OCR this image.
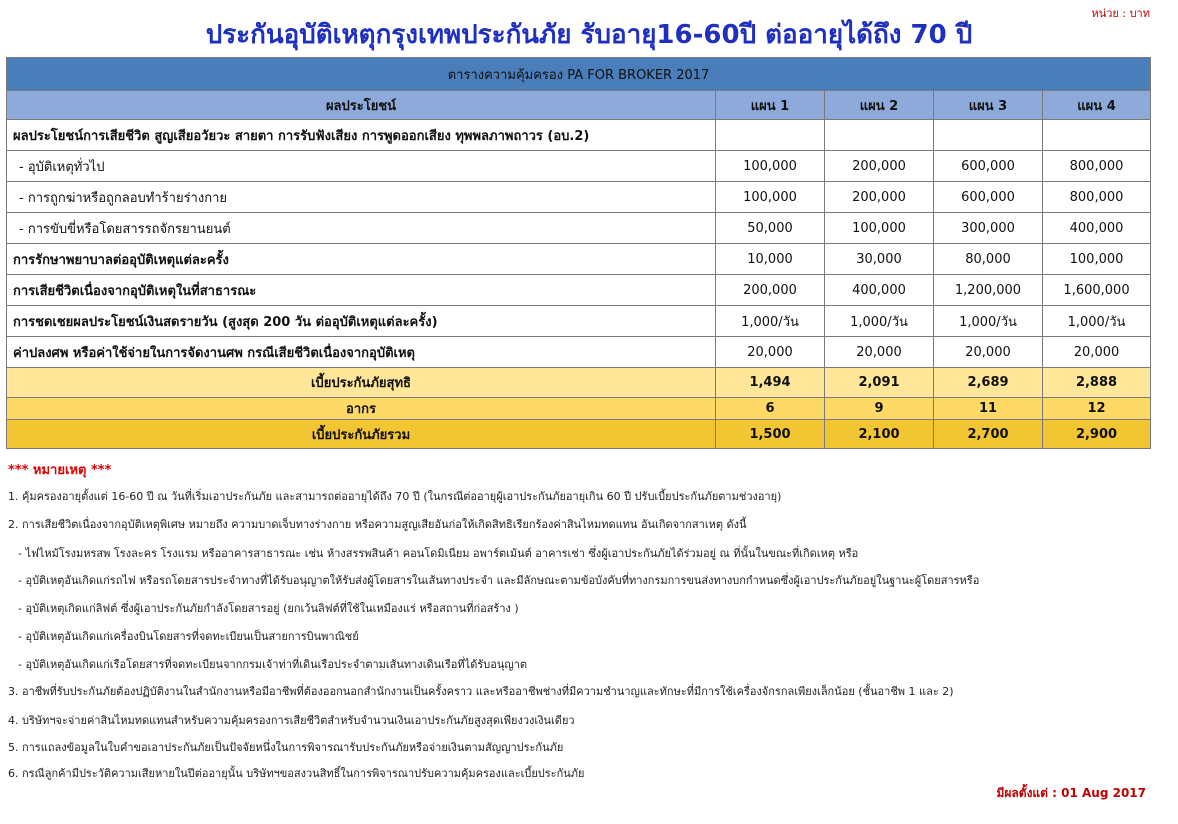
หน่วย : บาท
ประกันอุบัติเหตุกรุงเทพประกันภัย รับอายุ16-60ปี ต่ออายุได้ถึง 70 ปี
ตารางความคุ้มครอง PA FOR BROKER 2017				
ผลประโยชน์	แผน 1	แผน 2	แผน 3	แผน 4
ผลประโยชน์การเสียชีวิต สูญเสียอวัยวะ สายตา การรับฟังเสียง การพูดออกเสียง ทุพพลภาพถาวร (อบ.2)				
- อุบัติเหตุทั่วไป	100,000	200,000	600,000	800,000
- การถูกฆ่าหรือถูกลอบทำร้ายร่างกาย	100,000	200,000	600,000	800,000
- การขับขี่หรือโดยสารรถจักรยานยนต์	50,000	100,000	300,000	400,000
การรักษาพยาบาลต่ออุบัติเหตุแต่ละครั้ง	10,000	30,000	80,000	100,000
การเสียชีวิตเนื่องจากอุบัติเหตุในที่สาธารณะ	200,000	400,000	1,200,000	1,600,000
การชดเชยผลประโยชน์เงินสดรายวัน (สูงสุด 200 วัน ต่ออุบัติเหตุแต่ละครั้ง)	1,000/วัน	1,000/วัน	1,000/วัน	1,000/วัน
ค่าปลงศพ หรือค่าใช้จ่ายในการจัดงานศพ กรณีเสียชีวิตเนื่องจากอุบัติเหตุ	20,000	20,000	20,000	20,000
เบี้ยประกันภัยสุทธิ	1,494	2,091	2,689	2,888
อากร	6	9	11	12
เบี้ยประกันภัยรวม	1,500	2,100	2,700	2,900
*** หมายเหตุ ***
1. คุ้มครองอายุตั้งแต่ 16-60 ปี ณ วันที่เริ่มเอาประกันภัย และสามารถต่ออายุได้ถึง 70 ปี (ในกรณีต่ออายุผู้เอาประกันภัยอายุเกิน 60 ปี ปรับเบี้ยประกันภัยตามช่วงอายุ)
2. การเสียชีวิตเนื่องจากอุบัติเหตุพิเศษ หมายถึง ความบาดเจ็บทางร่างกาย หรือความสูญเสียอันก่อให้เกิดสิทธิเรียกร้องค่าสินไหมทดแทน อันเกิดจากสาเหตุ ดังนี้
- ไฟไหม้โรงมหรสพ โรงละคร โรงแรม หรืออาคารสาธารณะ เช่น ห้างสรรพสินค้า คอนโดมิเนียม อพาร์ตเม้นต์ อาคารเช่า ซึ่งผู้เอาประกันภัยได้ร่วมอยู่ ณ ที่นั้นในขณะที่เกิดเหตุ หรือ
- อุบัติเหตุอันเกิดแก่รถไฟ หรือรถโดยสารประจำทางที่ได้รับอนุญาตให้รับส่งผู้โดยสารในเส้นทางประจำ และมีลักษณะตามข้อบังคับที่ทางกรมการขนส่งทางบกกำหนดซึ่งผู้เอาประกันภัยอยู่ในฐานะผู้โดยสารหรือ
- อุบัติเหตุเกิดแก่ลิฟต์ ซึ่งผู้เอาประกันภัยกำลังโดยสารอยู่ (ยกเว้นลิฟต์ที่ใช้ในเหมืองแร่ หรือสถานที่ก่อสร้าง )
- อุบัติเหตุอันเกิดแก่เครื่องบินโดยสารที่จดทะเบียนเป็นสายการบินพาณิชย์
- อุบัติเหตุอันเกิดแก่เรือโดยสารที่จดทะเบียนจากกรมเจ้าท่าที่เดินเรือประจำตามเส้นทางเดินเรือที่ได้รับอนุญาต
3. อาชีพที่รับประกันภัยต้องปฏิบัติงานในสำนักงานหรือมีอาชีพที่ต้องออกนอกสำนักงานเป็นครั้งคราว และหรืออาชีพช่างที่มีความชำนาญและทักษะที่มีการใช้เครื่องจักรกลเพียงเล็กน้อย (ชั้นอาชีพ 1 และ 2)
4. บริษัทฯจะจ่ายค่าสินไหมทดแทนสำหรับความคุ้มครองการเสียชีวิตสำหรับจำนวนเงินเอาประกันภัยสูงสุดเพียงวงเงินเดียว
5. การแถลงข้อมูลในใบคำขอเอาประกันภัยเป็นปัจจัยหนึ่งในการพิจารณารับประกันภัยหรือจ่ายเงินตามสัญญาประกันภัย
6. กรณีลูกค้ามีประวัติความเสียหายในปีต่ออายุนั้น บริษัทฯขอสงวนสิทธิ์ในการพิจารณาปรับความคุ้มครองและเบี้ยประกันภัย
มีผลตั้งแต่ : 01 Aug 2017
